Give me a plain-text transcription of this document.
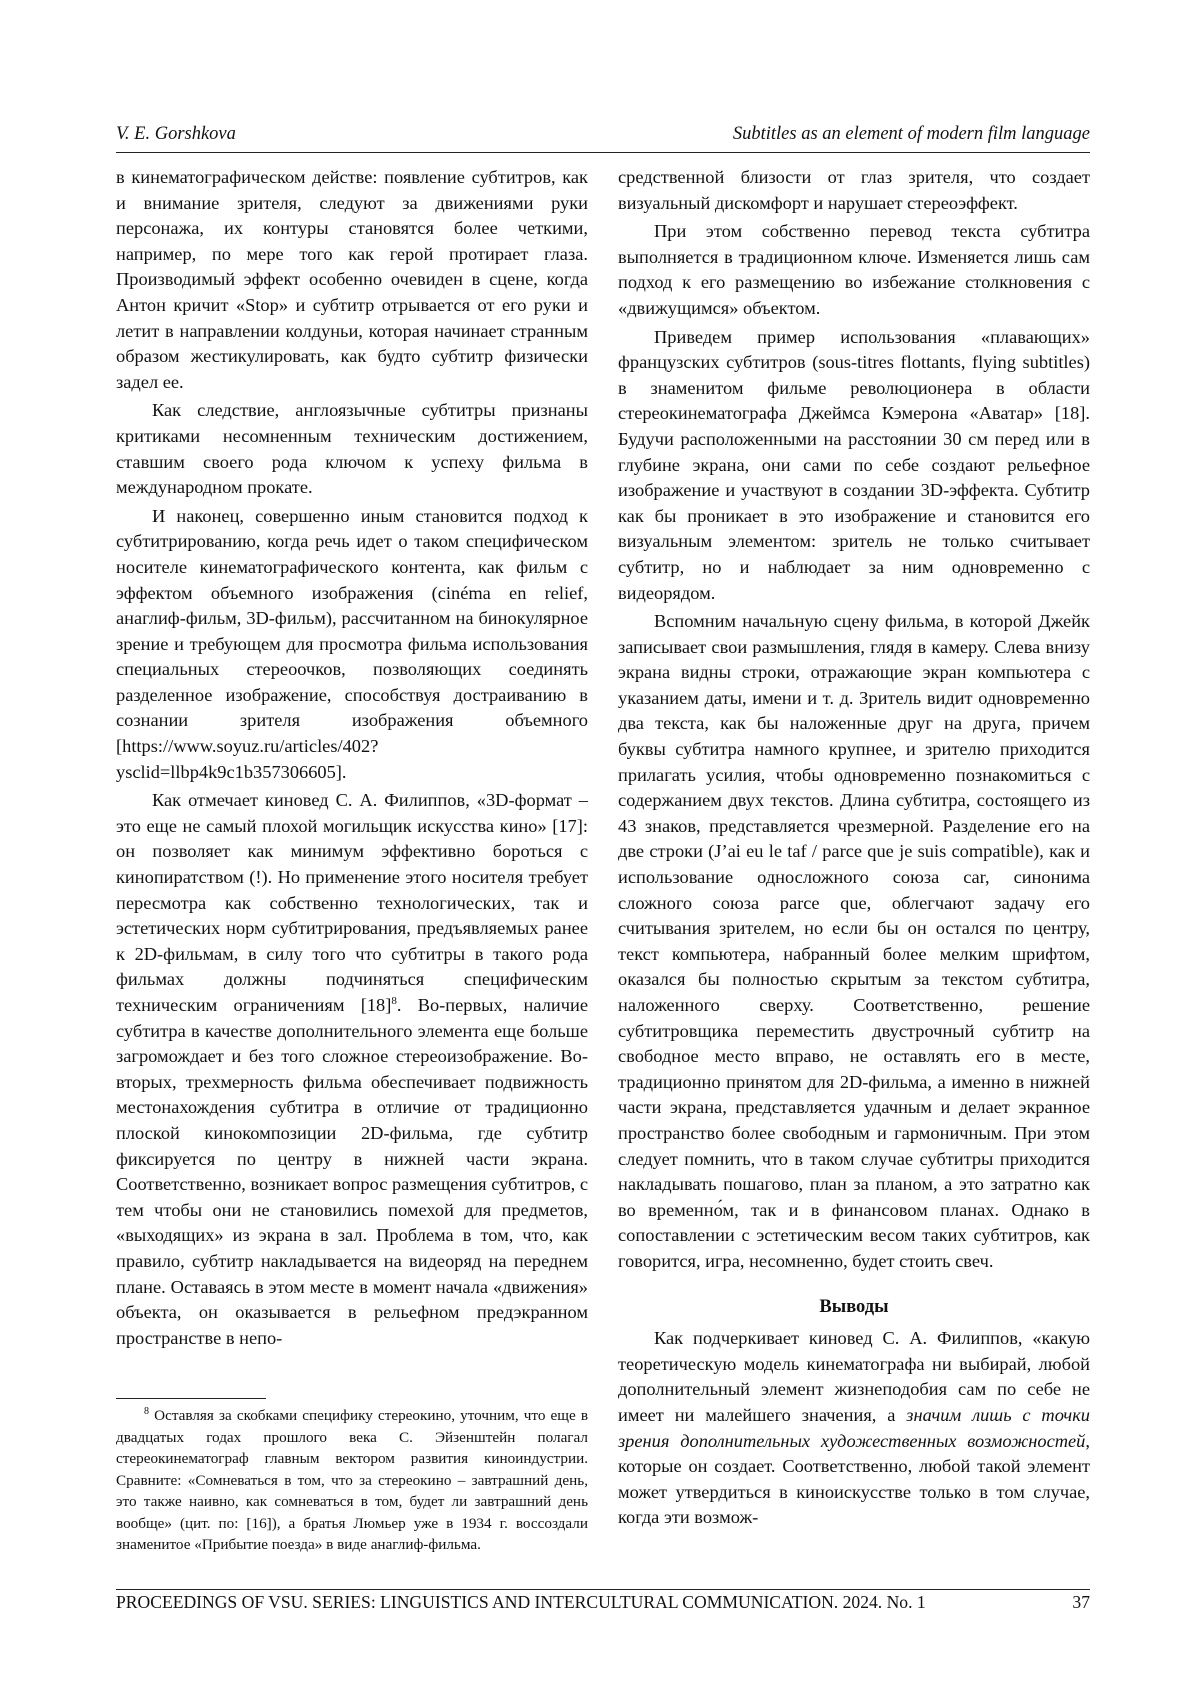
V. E. Gorshkova	Subtitles as an element of modern film language

в кинематографическом действе: появление субтитров, как и внимание зрителя, следуют за движениями руки персонажа, их контуры становятся более четкими, например, по мере того как герой протирает глаза. Производимый эффект особенно очевиден в сцене, когда Антон кричит «Stop» и субтитр отрывается от его руки и летит в направлении колдуньи, которая начинает странным образом жестикулировать, как будто субтитр физически задел ее.

Как следствие, англоязычные субтитры признаны критиками несомненным техническим достижением, ставшим своего рода ключом к успеху фильма в международном прокате.

И наконец, совершенно иным становится подход к субтитрированию, когда речь идет о таком специфическом носителе кинематографического контента, как фильм с эффектом объемного изображения (cinéma en relief, анаглиф-фильм, 3D-фильм), рассчитанном на бинокулярное зрение и требующем для просмотра фильма использования специальных стереоочков, позволяющих соединять разделенное изображение, способствуя достраиванию в сознании зрителя изображения объемного [https://www.soyuz.ru/articles/402?ysclid=llbp4k9c1b357306605].

Как отмечает киновед С. А. Филиппов, «3D-формат – это еще не самый плохой могильщик искусства кино» [17]: он позволяет как минимум эффективно бороться с кинопиратством (!). Но применение этого носителя требует пересмотра как собственно технологических, так и эстетических норм субтитрирования, предъявляемых ранее к 2D-фильмам, в силу того что субтитры в такого рода фильмах должны подчиняться специфическим техническим ограничениям $[18]^8$. Во-первых, наличие субтитра в качестве дополнительного элемента еще больше загромождает и без того сложное стереоизображение. Во-вторых, трехмерность фильма обеспечивает подвижность местонахождения субтитра в отличие от традиционно плоской кинокомпозиции 2D-фильма, где субтитр фиксируется по центру в нижней части экрана. Соответственно, возникает вопрос размещения субтитров, с тем чтобы они не становились помехой для предметов, «выходящих» из экрана в зал. Проблема в том, что, как правило, субтитр накладывается на видеоряд на переднем плане. Оставаясь в этом месте в момент начала «движения» объекта, он оказывается в рельефном предэкранном пространстве в непо-

$^8$ Оставляя за скобками специфику стереокино, уточним, что еще в двадцатых годах прошлого века С. Эйзенштейн полагал стереокинематограф главным вектором развития киноиндустрии. Сравните: «Сомневаться в том, что за стереокино – завтрашний день, это также наивно, как сомневаться в том, будет ли завтрашний день вообще» (цит. по: [16]), а братья Люмьер уже в 1934 г. воссоздали знаменитое «Прибытие поезда» в виде анаглиф-фильма.

средственной близости от глаз зрителя, что создает визуальный дискомфорт и нарушает стереоэффект.

При этом собственно перевод текста субтитра выполняется в традиционном ключе. Изменяется лишь сам подход к его размещению во избежание столкновения с «движущимся» объектом.

Приведем пример использования «плавающих» французских субтитров (sous-titres flottants, flying subtitles) в знаменитом фильме революционера в области стереокинематографа Джеймса Кэмерона «Аватар» [18]. Будучи расположенными на расстоянии 30 см перед или в глубине экрана, они сами по себе создают рельефное изображение и участвуют в создании 3D-эффекта. Субтитр как бы проникает в это изображение и становится его визуальным элементом: зритель не только считывает субтитр, но и наблюдает за ним одновременно с видеорядом.

Вспомним начальную сцену фильма, в которой Джейк записывает свои размышления, глядя в камеру. Слева внизу экрана видны строки, отражающие экран компьютера с указанием даты, имени и т. д. Зритель видит одновременно два текста, как бы наложенные друг на друга, причем буквы субтитра намного крупнее, и зрителю приходится прилагать усилия, чтобы одновременно познакомиться с содержанием двух текстов. Длина субтитра, состоящего из 43 знаков, представляется чрезмерной. Разделение его на две строки (J’ai eu le taf / parce que je suis compatible), как и использование односложного союза car, синонима сложного союза parce que, облегчают задачу его считывания зрителем, но если бы он остался по центру, текст компьютера, набранный более мелким шрифтом, оказался бы полностью скрытым за текстом субтитра, наложенного сверху. Соответственно, решение субтитровщика переместить двустрочный субтитр на свободное место вправо, не оставлять его в месте, традиционно принятом для 2D-фильма, а именно в нижней части экрана, представляется удачным и делает экранное пространство более свободным и гармоничным. При этом следует помнить, что в таком случае субтитры приходится накладывать пошагово, план за планом, а это затратно как во временно́м, так и в финансовом планах. Однако в сопоставлении с эстетическим весом таких субтитров, как говорится, игра, несомненно, будет стоить свеч.

Выводы

Как подчеркивает киновед С. А. Филиппов, «какую теоретическую модель кинематографа ни выбирай, любой дополнительный элемент жизнеподобия сам по себе не имеет ни малейшего значения, а значим лишь с точки зрения дополнительных художественных возможностей, которые он создает. Соответственно, любой такой элемент может утвердиться в киноискусстве только в том случае, когда эти возмож-

PROCEEDINGS OF VSU. SERIES: LINGUISTICS AND INTERCULTURAL COMMUNICATION. 2024. No. 1	37
